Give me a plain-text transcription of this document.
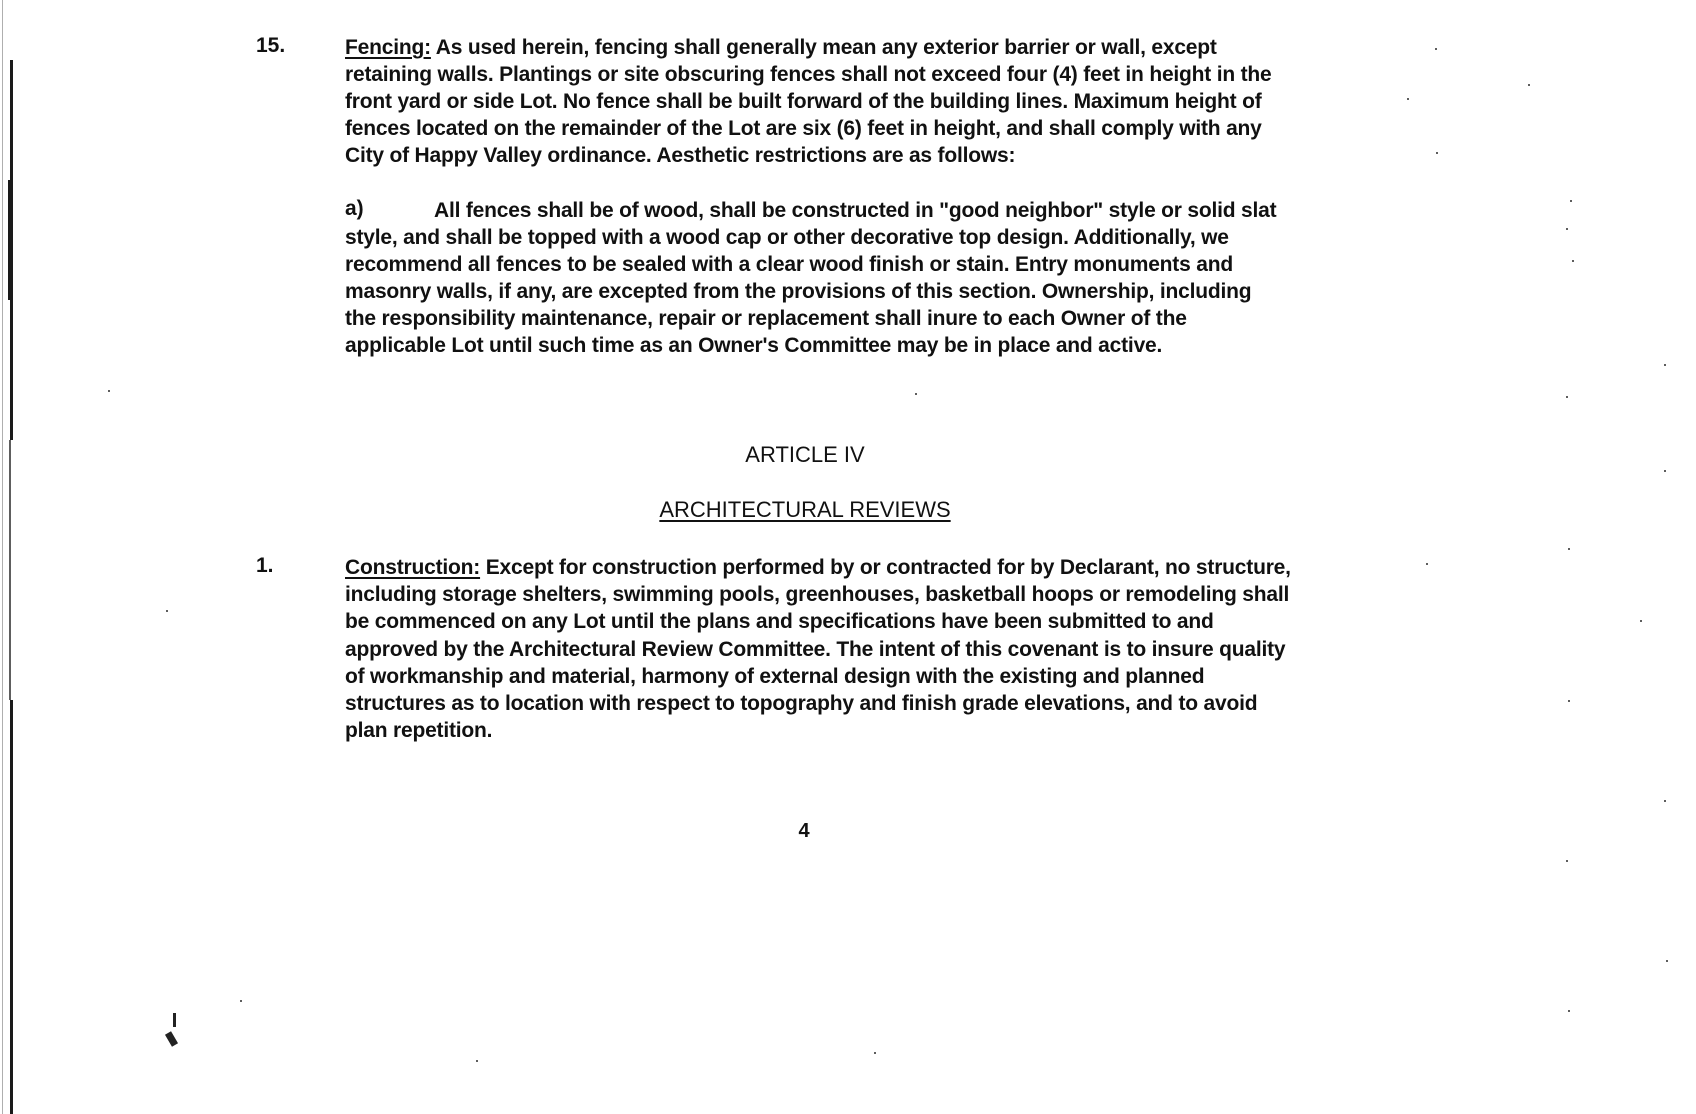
15.	Fencing: As used herein, fencing shall generally mean any exterior barrier or wall, except
retaining walls. Plantings or site obscuring fences shall not exceed four (4) feet in height in the
front yard or side Lot. No fence shall be built forward of the building lines. Maximum height of
fences located on the remainder of the Lot are six (6) feet in height, and shall comply with any
City of Happy Valley ordinance. Aesthetic restrictions are as follows:
a)	All fences shall be of wood, shall be constructed in "good neighbor" style or solid slat
style, and shall be topped with a wood cap or other decorative top design. Additionally, we
recommend all fences to be sealed with a clear wood finish or stain. Entry monuments and
masonry walls, if any, are excepted from the provisions of this section. Ownership, including
the responsibility maintenance, repair or replacement shall inure to each Owner of the
applicable Lot until such time as an Owner's Committee may be in place and active.
ARTICLE IV
ARCHITECTURAL REVIEWS
1.	Construction: Except for construction performed by or contracted for by Declarant, no structure,
including storage shelters, swimming pools, greenhouses, basketball hoops or remodeling shall
be commenced on any Lot until the plans and specifications have been submitted to and
approved by the Architectural Review Committee. The intent of this covenant is to insure quality
of workmanship and material, harmony of external design with the existing and planned
structures as to location with respect to topography and finish grade elevations, and to avoid
plan repetition.
4
